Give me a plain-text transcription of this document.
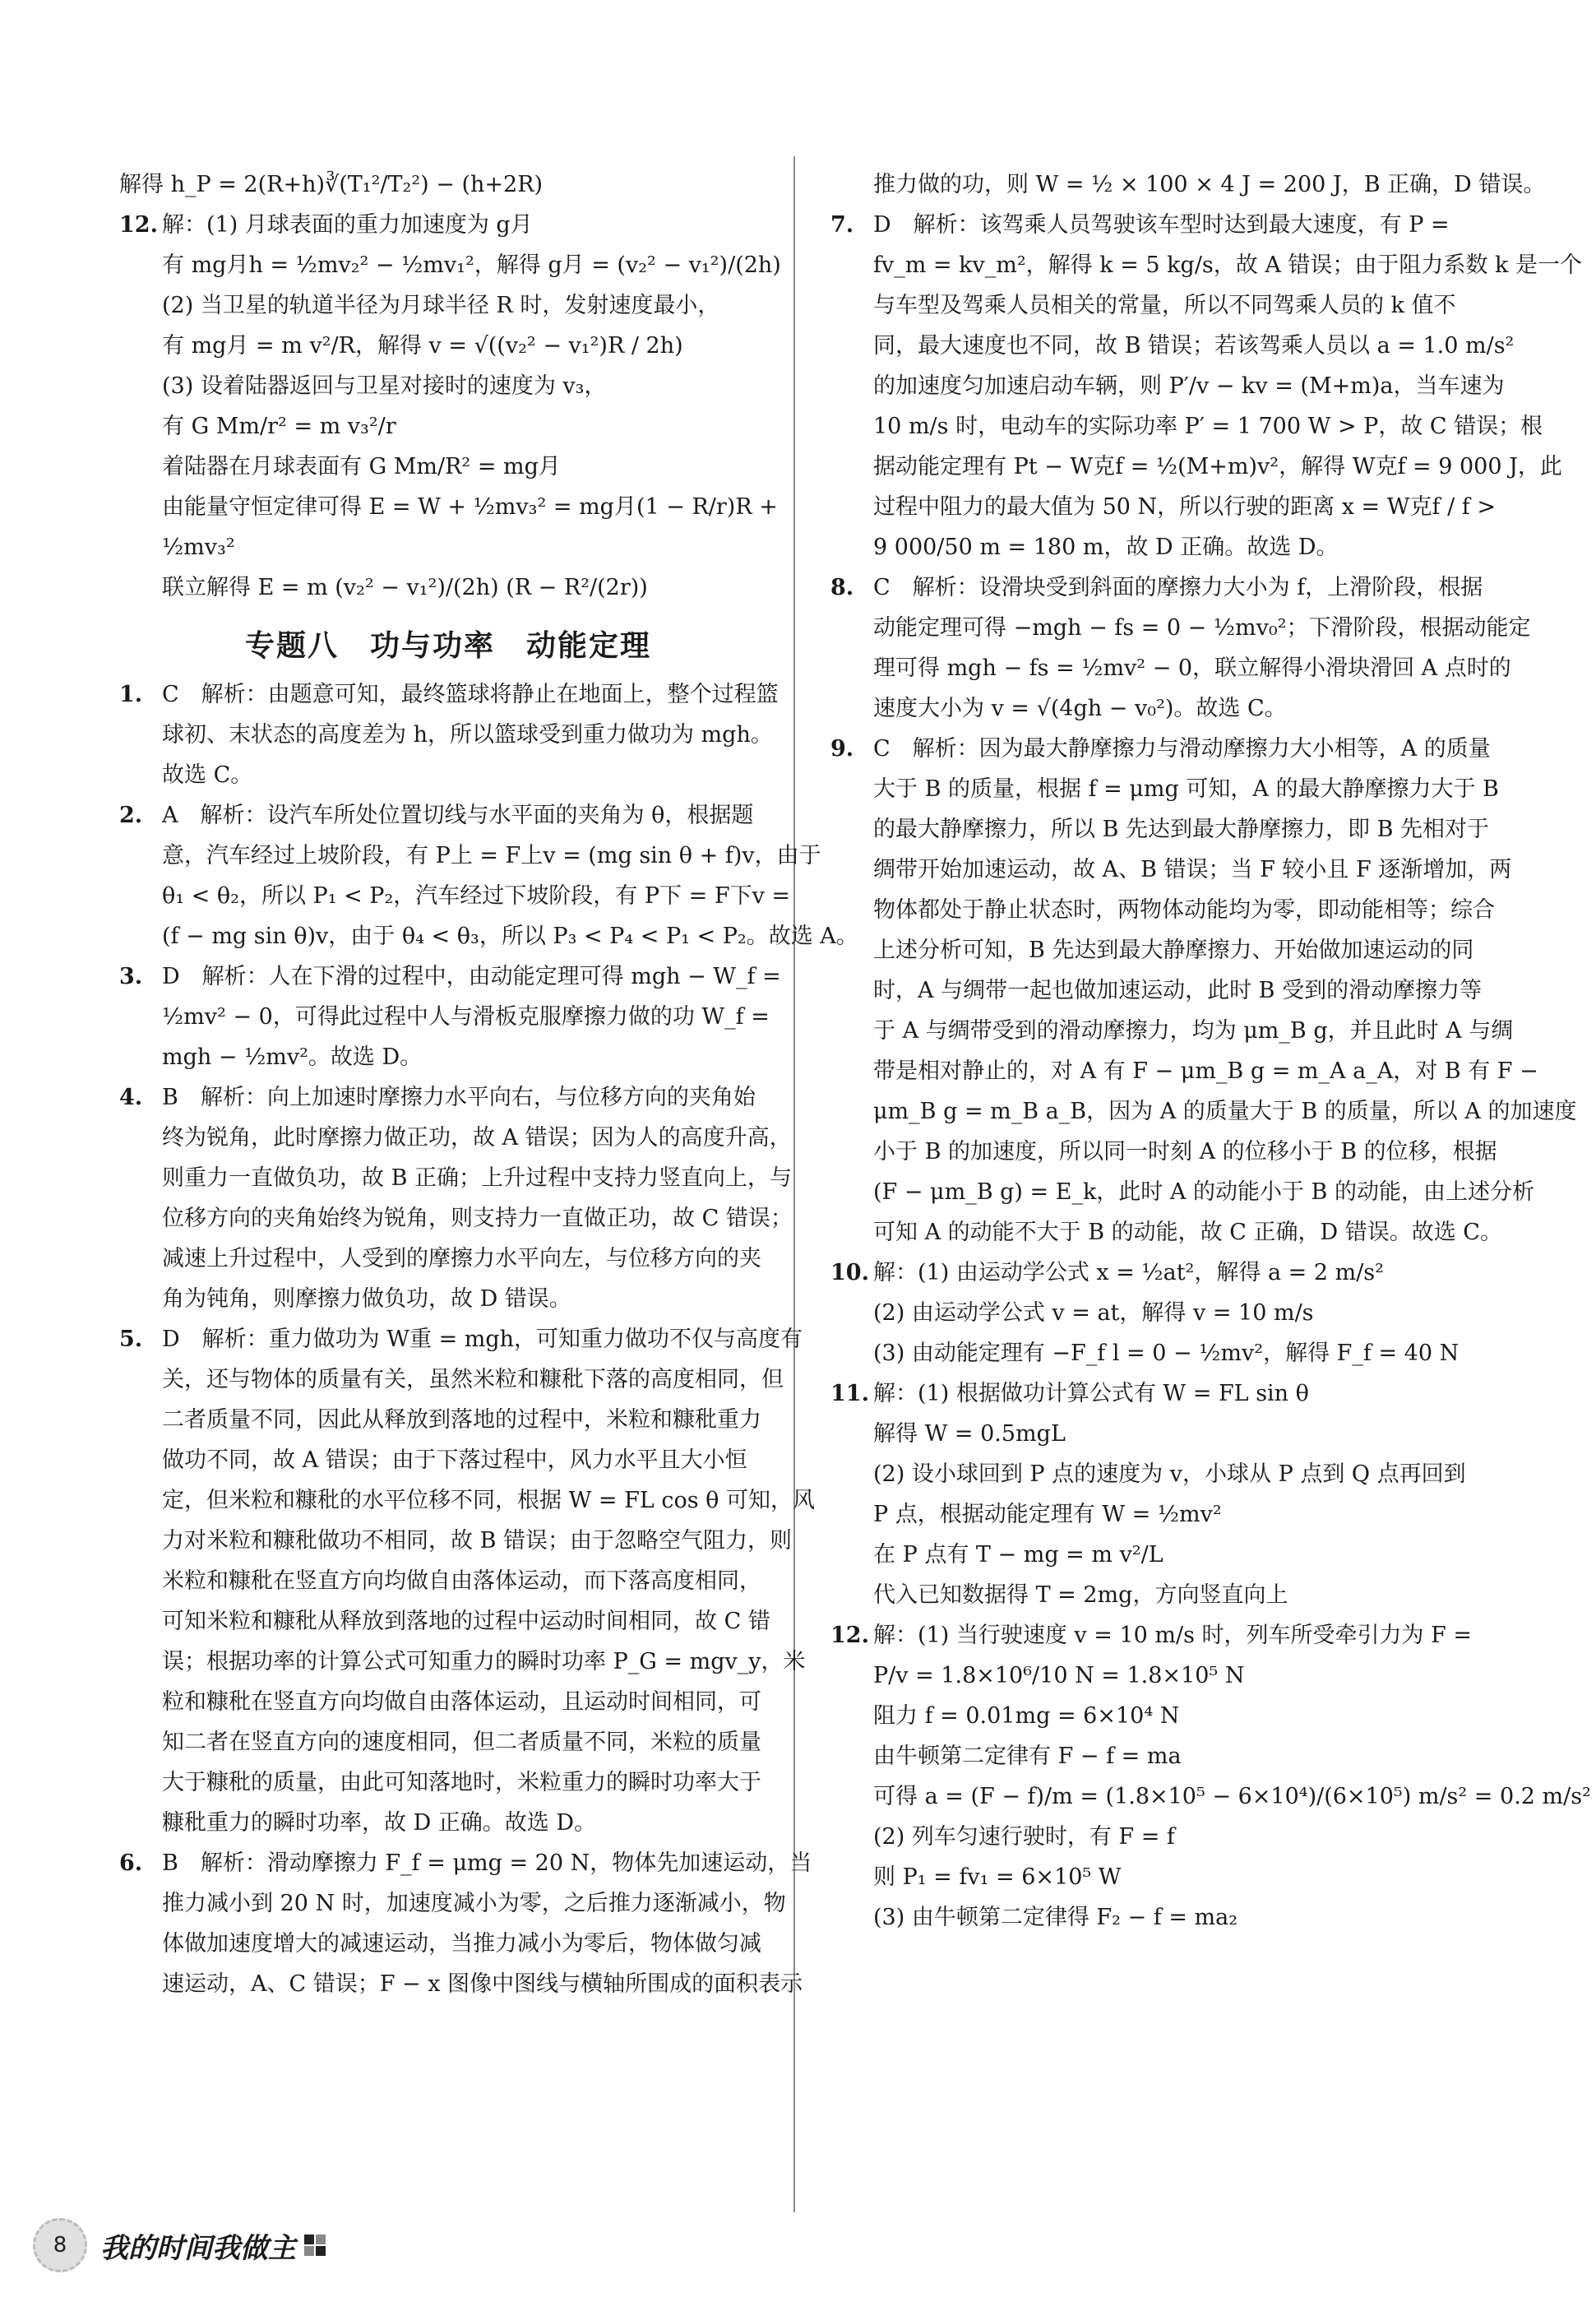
解得 h_P = 2(R+h)∛(T₁²/T₂²) − (h+2R)
12. 解：(1) 月球表面的重力加速度为 g月
有 mg月h = ½mv₂² − ½mv₁²，解得 g月 = (v₂² − v₁²)/(2h)
(2) 当卫星的轨道半径为月球半径 R 时，发射速度最小，
有 mg月 = m v²/R，解得 v = √((v₂² − v₁²)R / 2h)
(3) 设着陆器返回与卫星对接时的速度为 v₃，
有 G Mm/r² = m v₃²/r
着陆器在月球表面有 G Mm/R² = mg月
由能量守恒定律可得 E = W + ½mv₃² = mg月(1 − R/r)R +
½mv₃²
联立解得 E = m (v₂² − v₁²)/(2h) (R − R²/(2r))
专题八　功与功率　动能定理
1. C　解析：由题意可知，最终篮球将静止在地面上，整个过程篮
球初、末状态的高度差为 h，所以篮球受到重力做功为 mgh。
故选 C。
2. A　解析：设汽车所处位置切线与水平面的夹角为 θ，根据题
意，汽车经过上坡阶段，有 P上 = F上v = (mg sin θ + f)v，由于
θ₁ < θ₂，所以 P₁ < P₂，汽车经过下坡阶段，有 P下 = F下v =
(f − mg sin θ)v，由于 θ₄ < θ₃，所以 P₃ < P₄ < P₁ < P₂。故选 A。
3. D　解析：人在下滑的过程中，由动能定理可得 mgh − W_f =
½mv² − 0，可得此过程中人与滑板克服摩擦力做的功 W_f =
mgh − ½mv²。故选 D。
4. B　解析：向上加速时摩擦力水平向右，与位移方向的夹角始
终为锐角，此时摩擦力做正功，故 A 错误；因为人的高度升高，
则重力一直做负功，故 B 正确；上升过程中支持力竖直向上，与
位移方向的夹角始终为锐角，则支持力一直做正功，故 C 错误；
减速上升过程中，人受到的摩擦力水平向左，与位移方向的夹
角为钝角，则摩擦力做负功，故 D 错误。
5. D　解析：重力做功为 W重 = mgh，可知重力做功不仅与高度有
关，还与物体的质量有关，虽然米粒和糠秕下落的高度相同，但
二者质量不同，因此从释放到落地的过程中，米粒和糠秕重力
做功不同，故 A 错误；由于下落过程中，风力水平且大小恒
定，但米粒和糠秕的水平位移不同，根据 W = FL cos θ 可知，风
力对米粒和糠秕做功不相同，故 B 错误；由于忽略空气阻力，则
米粒和糠秕在竖直方向均做自由落体运动，而下落高度相同，
可知米粒和糠秕从释放到落地的过程中运动时间相同，故 C 错
误；根据功率的计算公式可知重力的瞬时功率 P_G = mgv_y，米
粒和糠秕在竖直方向均做自由落体运动，且运动时间相同，可
知二者在竖直方向的速度相同，但二者质量不同，米粒的质量
大于糠秕的质量，由此可知落地时，米粒重力的瞬时功率大于
糠秕重力的瞬时功率，故 D 正确。故选 D。
6. B　解析：滑动摩擦力 F_f = μmg = 20 N，物体先加速运动，当
推力减小到 20 N 时，加速度减小为零，之后推力逐渐减小，物
体做加速度增大的减速运动，当推力减小为零后，物体做匀减
速运动，A、C 错误；F − x 图像中图线与横轴所围成的面积表示
推力做的功，则 W = ½ × 100 × 4 J = 200 J，B 正确，D 错误。
7. D　解析：该驾乘人员驾驶该车型时达到最大速度，有 P =
fv_m = kv_m²，解得 k = 5 kg/s，故 A 错误；由于阻力系数 k 是一个
与车型及驾乘人员相关的常量，所以不同驾乘人员的 k 值不
同，最大速度也不同，故 B 错误；若该驾乘人员以 a = 1.0 m/s²
的加速度匀加速启动车辆，则 P′/v − kv = (M+m)a，当车速为
10 m/s 时，电动车的实际功率 P′ = 1 700 W > P，故 C 错误；根
据动能定理有 Pt − W克f = ½(M+m)v²，解得 W克f = 9 000 J，此
过程中阻力的最大值为 50 N，所以行驶的距离 x = W克f / f >
9 000/50 m = 180 m，故 D 正确。故选 D。
8. C　解析：设滑块受到斜面的摩擦力大小为 f，上滑阶段，根据
动能定理可得 −mgh − fs = 0 − ½mv₀²；下滑阶段，根据动能定
理可得 mgh − fs = ½mv² − 0，联立解得小滑块滑回 A 点时的
速度大小为 v = √(4gh − v₀²)。故选 C。
9. C　解析：因为最大静摩擦力与滑动摩擦力大小相等，A 的质量
大于 B 的质量，根据 f = μmg 可知，A 的最大静摩擦力大于 B
的最大静摩擦力，所以 B 先达到最大静摩擦力，即 B 先相对于
绸带开始加速运动，故 A、B 错误；当 F 较小且 F 逐渐增加，两
物体都处于静止状态时，两物体动能均为零，即动能相等；综合
上述分析可知，B 先达到最大静摩擦力、开始做加速运动的同
时，A 与绸带一起也做加速运动，此时 B 受到的滑动摩擦力等
于 A 与绸带受到的滑动摩擦力，均为 μm_B g，并且此时 A 与绸
带是相对静止的，对 A 有 F − μm_B g = m_A a_A，对 B 有 F −
μm_B g = m_B a_B，因为 A 的质量大于 B 的质量，所以 A 的加速度
小于 B 的加速度，所以同一时刻 A 的位移小于 B 的位移，根据
(F − μm_B g) = E_k，此时 A 的动能小于 B 的动能，由上述分析
可知 A 的动能不大于 B 的动能，故 C 正确，D 错误。故选 C。
10. 解：(1) 由运动学公式 x = ½at²，解得 a = 2 m/s²
(2) 由运动学公式 v = at，解得 v = 10 m/s
(3) 由动能定理有 −F_f l = 0 − ½mv²，解得 F_f = 40 N
11. 解：(1) 根据做功计算公式有 W = FL sin θ
解得 W = 0.5mgL
(2) 设小球回到 P 点的速度为 v，小球从 P 点到 Q 点再回到
P 点，根据动能定理有 W = ½mv²
在 P 点有 T − mg = m v²/L
代入已知数据得 T = 2mg，方向竖直向上
12. 解：(1) 当行驶速度 v = 10 m/s 时，列车所受牵引力为 F =
P/v = 1.8×10⁶/10 N = 1.8×10⁵ N
阻力 f = 0.01mg = 6×10⁴ N
由牛顿第二定律有 F − f = ma
可得 a = (F − f)/m = (1.8×10⁵ − 6×10⁴)/(6×10⁵) m/s² = 0.2 m/s²
(2) 列车匀速行驶时，有 F = f
则 P₁ = fv₁ = 6×10⁵ W
(3) 由牛顿第二定律得 F₂ − f = ma₂
8 我的时间我做主
